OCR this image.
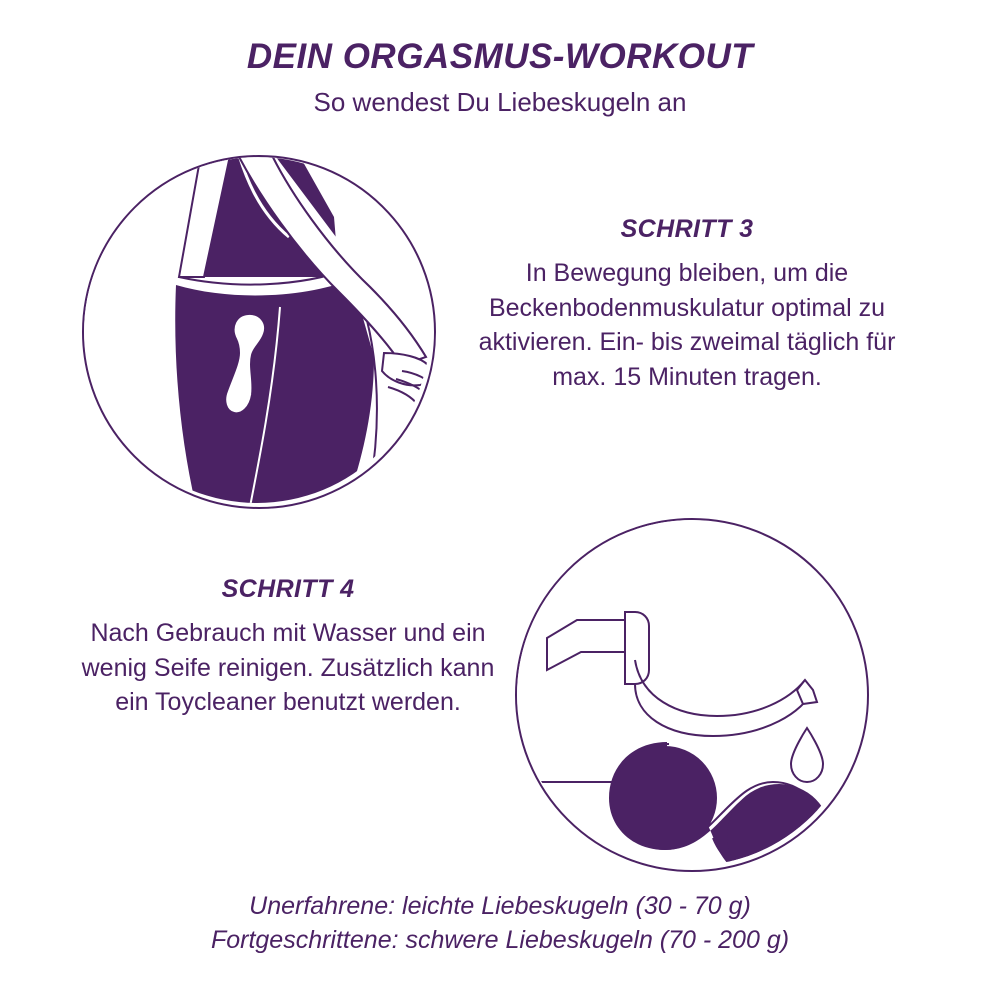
DEIN ORGASMUS-WORKOUT

So wendest Du Liebeskugeln an

SCHRITT 3

In Bewegung bleiben, um die Beckenbodenmuskulatur optimal zu aktivieren. Ein- bis zweimal täglich für max. 15 Minuten tragen.

SCHRITT 4

Nach Gebrauch mit Wasser und ein wenig Seife reinigen. Zusätzlich kann ein Toycleaner benutzt werden.

Unerfahrene: leichte Liebeskugeln (30 - 70 g)

Fortgeschrittene: schwere Liebeskugeln (70 - 200 g)
